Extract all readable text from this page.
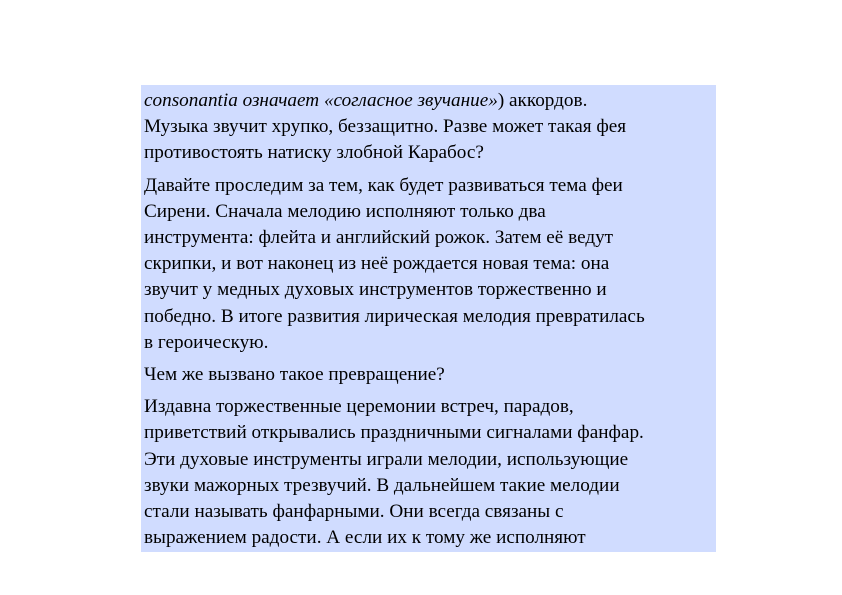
consonantia означает «согласное звучание») аккордов.
Музыка звучит хрупко, беззащитно. Разве может такая фея
противостоять натиску злобной Карабос?

Давайте проследим за тем, как будет развиваться тема феи
Сирени. Сначала мелодию исполняют только два
инструмента: флейта и английский рожок. Затем её ведут
скрипки, и вот наконец из неё рождается новая тема: она
звучит у медных духовых инструментов торжественно и
победно. В итоге развития лирическая мелодия превратилась
в героическую.

Чем же вызвано такое превращение?

Издавна торжественные церемонии встреч, парадов,
приветствий открывались праздничными сигналами фанфар.
Эти духовые инструменты играли мелодии, использующие
звуки мажорных трезвучий. В дальнейшем такие мелодии
стали называть фанфарными. Они всегда связаны с
выражением радости. А если их к тому же исполняют
